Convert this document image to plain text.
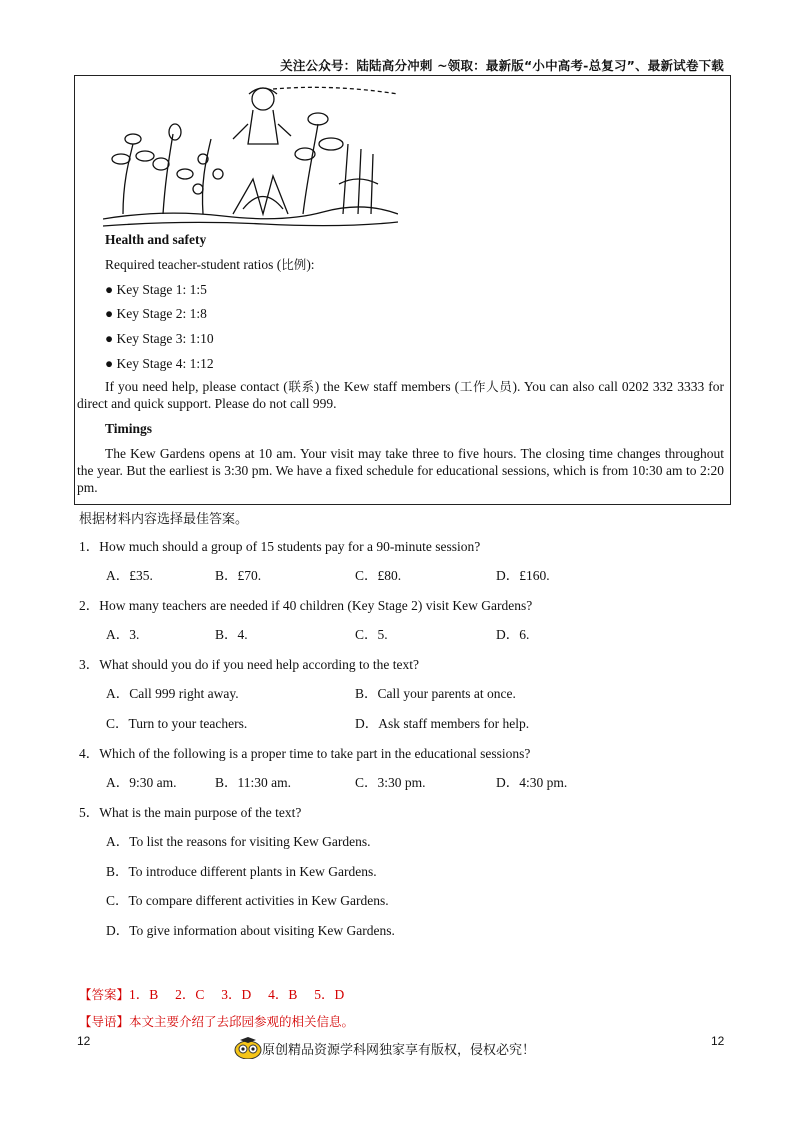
关注公众号：陆陆高分冲刺 ~领取：最新版“小中高考-总复习”、最新试卷下载

Health and safety

Required teacher-student ratios (比例):

● Key Stage 1: 1:5

● Key Stage 2: 1:8

● Key Stage 3: 1:10

● Key Stage 4: 1:12

If you need help, please contact (联系) the Kew staff members (工作人员). You can also call 0202 332 3333 for direct and quick support. Please do not call 999.

Timings

The Kew Gardens opens at 10 am. Your visit may take three to five hours. The closing time changes throughout the year. But the earliest is 3:30 pm. We have a fixed schedule for educational sessions, which is from 10:30 am to 2:20 pm.

根据材料内容选择最佳答案。
1．How much should a group of 15 students pay for a 90-minute session?
A．£35.	B．£70.	C．£80.	D．£160.
2．How many teachers are needed if 40 children (Key Stage 2) visit Kew Gardens?
A．3.	B．4.	C．5.	D．6.
3．What should you do if you need help according to the text?
A．Call 999 right away.	B．Call your parents at once.
C．Turn to your teachers.	D．Ask staff members for help.
4．Which of the following is a proper time to take part in the educational sessions?
A．9:30 am.	B．11:30 am.	C．3:30 pm.	D．4:30 pm.
5．What is the main purpose of the text?
A．To list the reasons for visiting Kew Gardens.
B．To introduce different plants in Kew Gardens.
C．To compare different activities in Kew Gardens.
D．To give information about visiting Kew Gardens.
【答案】1．B     2．C     3．D     4．B     5．D
【导语】本文主要介绍了去邱园参观的相关信息。
12	12
原创精品资源学科网独家享有版权，侵权必究！
